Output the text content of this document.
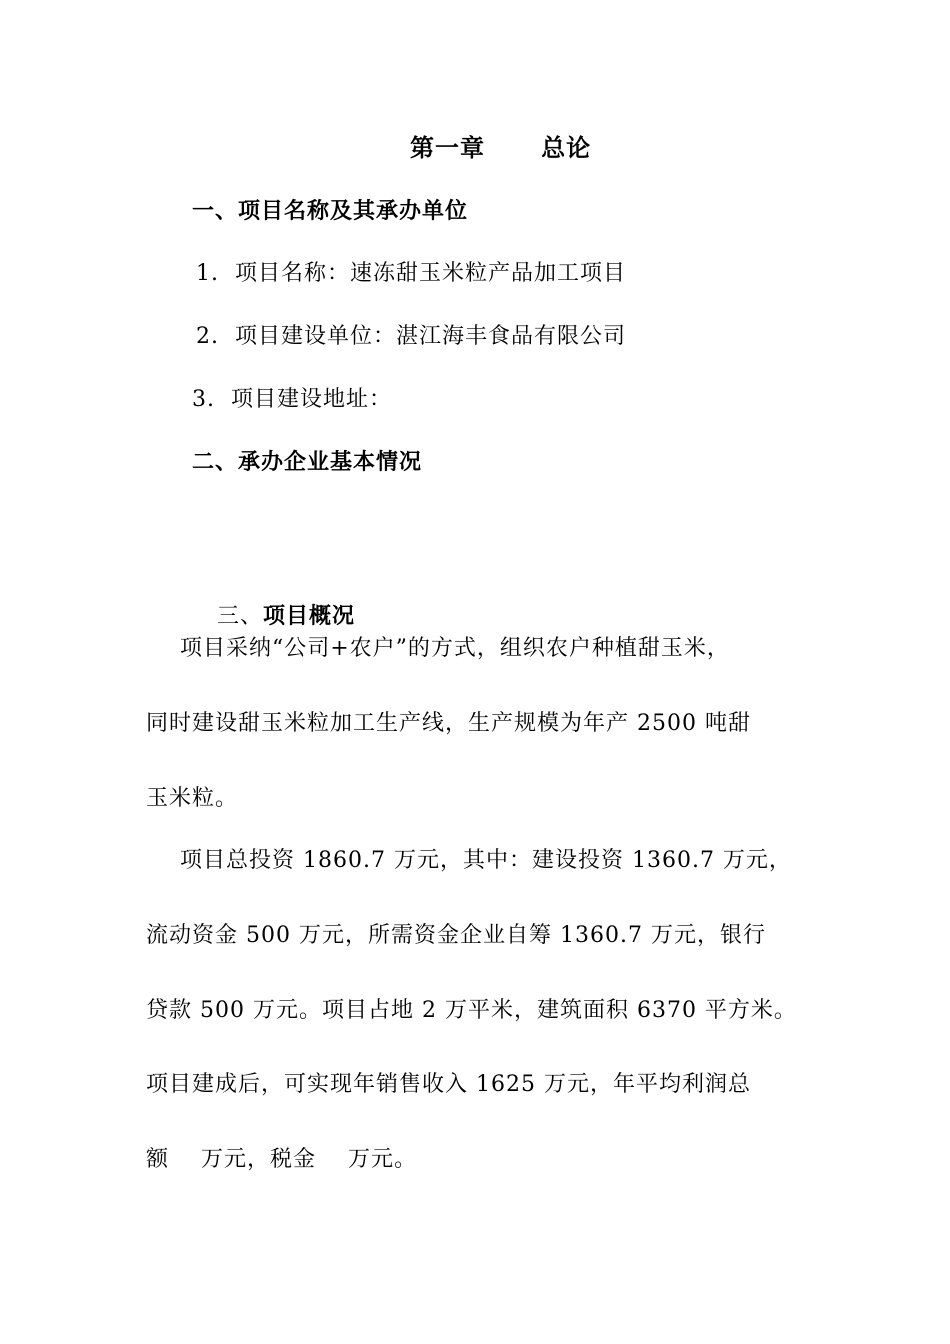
第一章      总论
一、项目名称及其承办单位
1.  项目名称：速冻甜玉米粒产品加工项目
2.  项目建设单位：湛江海丰食品有限公司
3.  项目建设地址：
二、承办企业基本情况

三、项目概况

项目采纳“公司+农户”的方式，组织农户种植甜玉米，
同时建设甜玉米粒加工生产线，生产规模为年产 2500 吨甜
玉米粒。
项目总投资 1860.7 万元，其中：建设投资 1360.7 万元，
流动资金 500 万元，所需资金企业自筹 1360.7 万元，银行
贷款 500 万元。项目占地 2 万平米，建筑面积 6370 平方米。
项目建成后，可实现年销售收入 1625 万元，年平均利润总
额    万元，税金    万元。
